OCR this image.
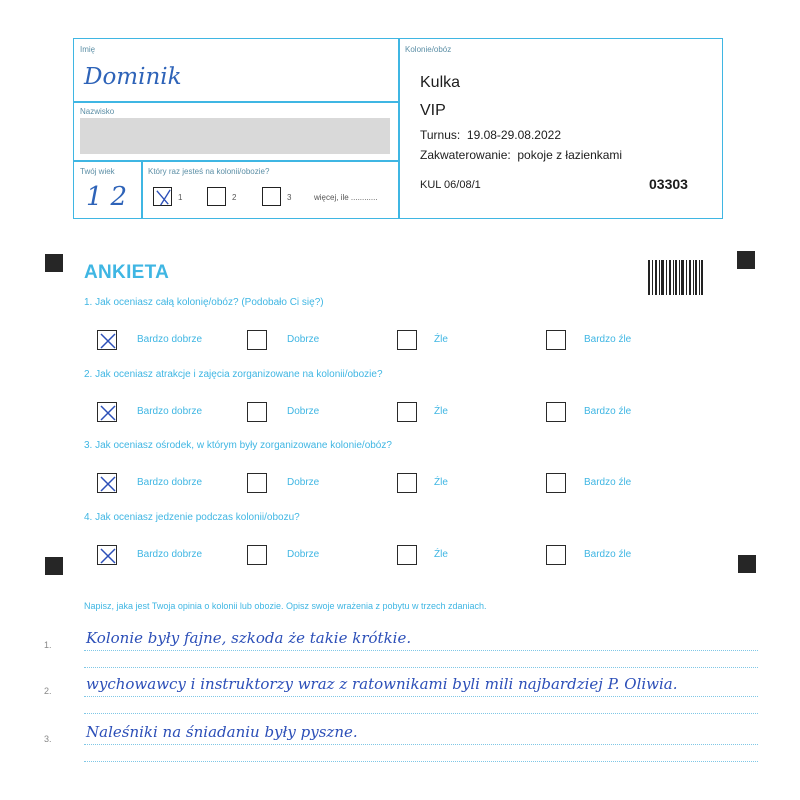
Imię
Dominik
Nazwisko
Twój wiek
12
Który raz jesteś na kolonii/obozie?
1	2	3	więcej, ile ............
Kolonie/obóz
Kulka
VIP
Turnus:  19.08-29.08.2022
Zakwaterowanie:  pokoje z łazienkami
KUL 06/08/1	03303
ANKIETA
1. Jak oceniasz całą kolonię/obóz? (Podobało Ci się?)
Bardzo dobrze	Dobrze	Źle	Bardzo źle
2. Jak oceniasz atrakcje i zajęcia zorganizowane na kolonii/obozie?
Bardzo dobrze	Dobrze	Źle	Bardzo źle
3. Jak oceniasz ośrodek, w którym były zorganizowane kolonie/obóz?
Bardzo dobrze	Dobrze	Źle	Bardzo źle
4. Jak oceniasz jedzenie podczas kolonii/obozu?
Bardzo dobrze	Dobrze	Źle	Bardzo źle
Napisz, jaka jest Twoja opinia o kolonii lub obozie. Opisz swoje wrażenia z pobytu w trzech zdaniach.
1. Kolonie były fajne, szkoda że takie krótkie.
2. wychowawcy i instruktorzy wraz z ratownikami byli mili najbardziej P. Oliwia.
3. Naleśniki na śniadaniu były pyszne.
